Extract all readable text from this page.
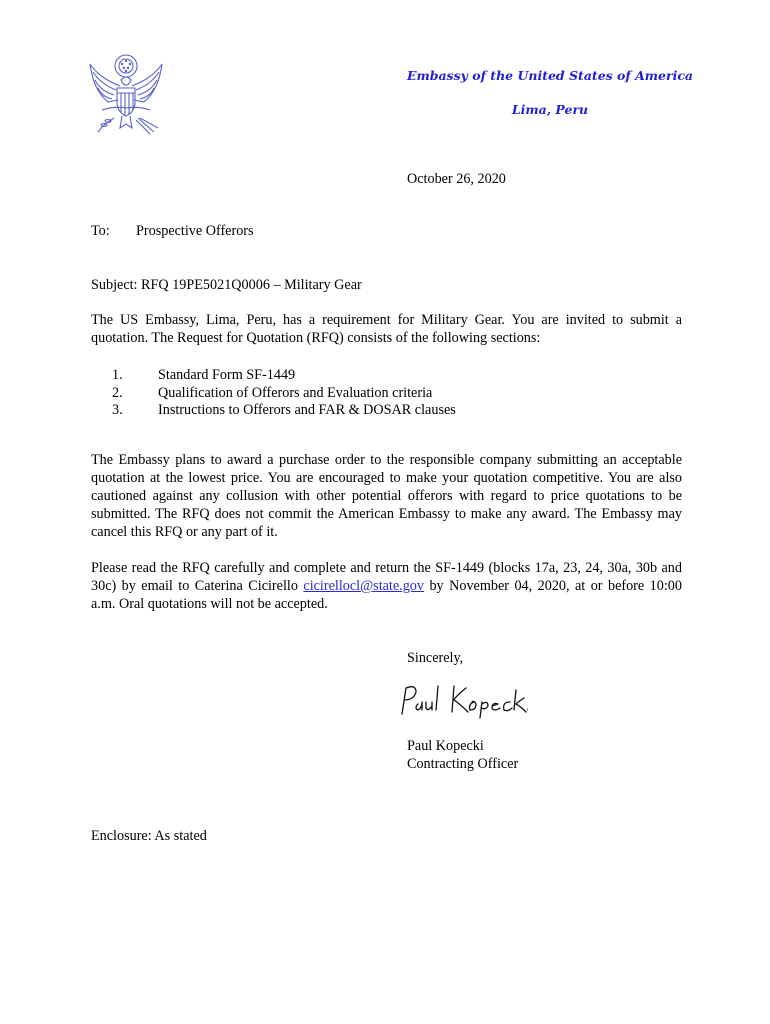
Embassy of the United States of America
Lima, Peru
October 26, 2020
To: Prospective Offerors
Subject: RFQ 19PE5021Q0006 – Military Gear
The US Embassy, Lima, Peru, has a requirement for Military Gear. You are invited to submit a quotation. The Request for Quotation (RFQ) consists of the following sections:
1. Standard Form SF-1449
2. Qualification of Offerors and Evaluation criteria
3. Instructions to Offerors and FAR & DOSAR clauses
The Embassy plans to award a purchase order to the responsible company submitting an acceptable quotation at the lowest price. You are encouraged to make your quotation competitive. You are also cautioned against any collusion with other potential offerors with regard to price quotations to be submitted. The RFQ does not commit the American Embassy to make any award. The Embassy may cancel this RFQ or any part of it.
Please read the RFQ carefully and complete and return the SF-1449 (blocks 17a, 23, 24, 30a, 30b and 30c) by email to Caterina Cicirello cicirellocl@state.gov by November 04, 2020, at or before 10:00 a.m. Oral quotations will not be accepted.
Sincerely,
Paul Kopecki
Contracting Officer
Enclosure: As stated
